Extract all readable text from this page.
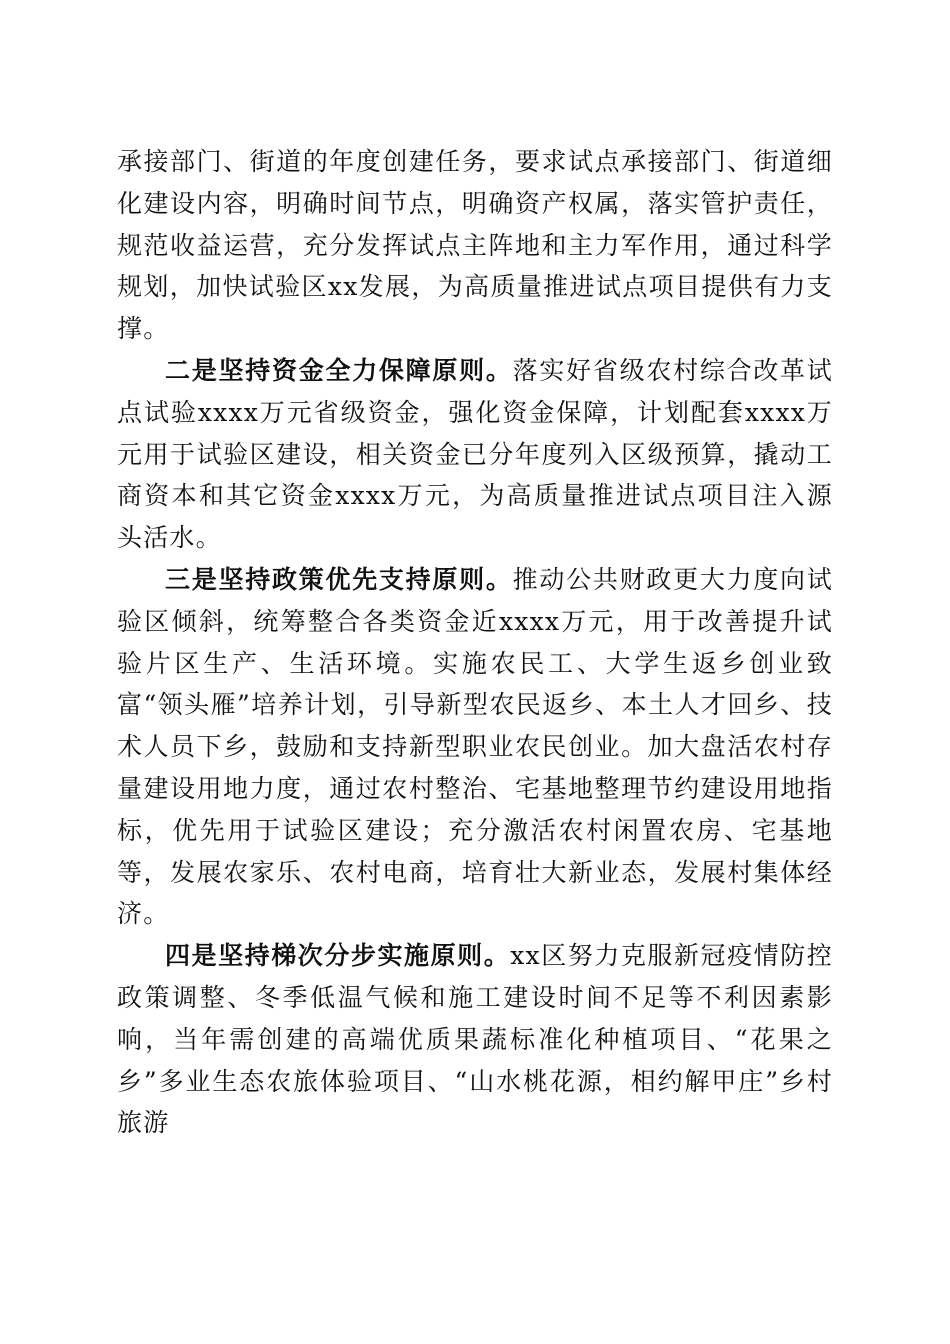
承接部门、街道的年度创建任务，要求试点承接部门、街道细化建设内容，明确时间节点，明确资产权属，落实管护责任，规范收益运营，充分发挥试点主阵地和主力军作用，通过科学规划，加快试验区xx发展，为高质量推进试点项目提供有力支撑。

二是坚持资金全力保障原则。落实好省级农村综合改革试点试验xxxx万元省级资金，强化资金保障，计划配套xxxx万元用于试验区建设，相关资金已分年度列入区级预算，撬动工商资本和其它资金xxxx万元，为高质量推进试点项目注入源头活水。

三是坚持政策优先支持原则。推动公共财政更大力度向试验区倾斜，统筹整合各类资金近xxxx万元，用于改善提升试验片区生产、生活环境。实施农民工、大学生返乡创业致富“领头雁”培养计划，引导新型农民返乡、本土人才回乡、技术人员下乡，鼓励和支持新型职业农民创业。加大盘活农村存量建设用地力度，通过农村整治、宅基地整理节约建设用地指标，优先用于试验区建设；充分激活农村闲置农房、宅基地等，发展农家乐、农村电商，培育壮大新业态，发展村集体经济。

四是坚持梯次分步实施原则。xx区努力克服新冠疫情防控政策调整、冬季低温气候和施工建设时间不足等不利因素影响，当年需创建的高端优质果蔬标准化种植项目、“花果之乡”多业生态农旅体验项目、“山水桃花源，相约解甲庄”乡村旅游
